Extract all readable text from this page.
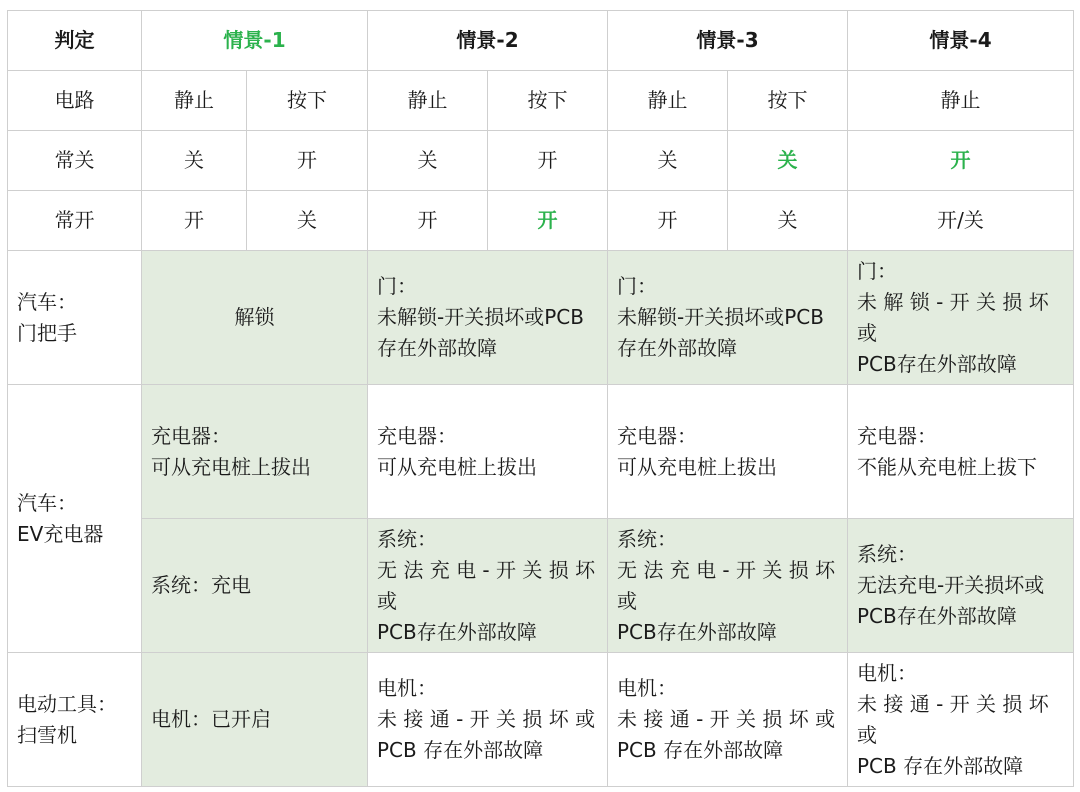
判定	情景-1		情景-2		情景-3		情景-4
电路	静止	按下	静止	按下	静止	按下	静止
常关	关	开	关	开	关	关	开
常开	开	关	开	开	开	关	开/关

汽车：
门把手	解锁		门：
未解锁-开关损坏或PCB
存在外部故障		门：
未解锁-开关损坏或PCB
存在外部故障		门：
未 解 锁 - 开 关 损 坏 或
PCB存在外部故障

汽车：
EV充电器	充电器：
可从充电桩上拔出		充电器：
可从充电桩上拔出		充电器：
可从充电桩上拔出		充电器：
不能从充电桩上拔下

	系统：充电		系统：
无 法 充 电 - 开 关 损 坏 或
PCB存在外部故障		系统：
无 法 充 电 - 开 关 损 坏 或
PCB存在外部故障		系统：
无法充电-开关损坏或
PCB存在外部故障

电动工具：
扫雪机	电机：已开启		电机：
未 接 通 - 开 关 损 坏 或
PCB 存在外部故障		电机：
未 接 通 - 开 关 损 坏 或
PCB 存在外部故障		电机：
未 接 通 - 开 关 损 坏 或
PCB 存在外部故障
